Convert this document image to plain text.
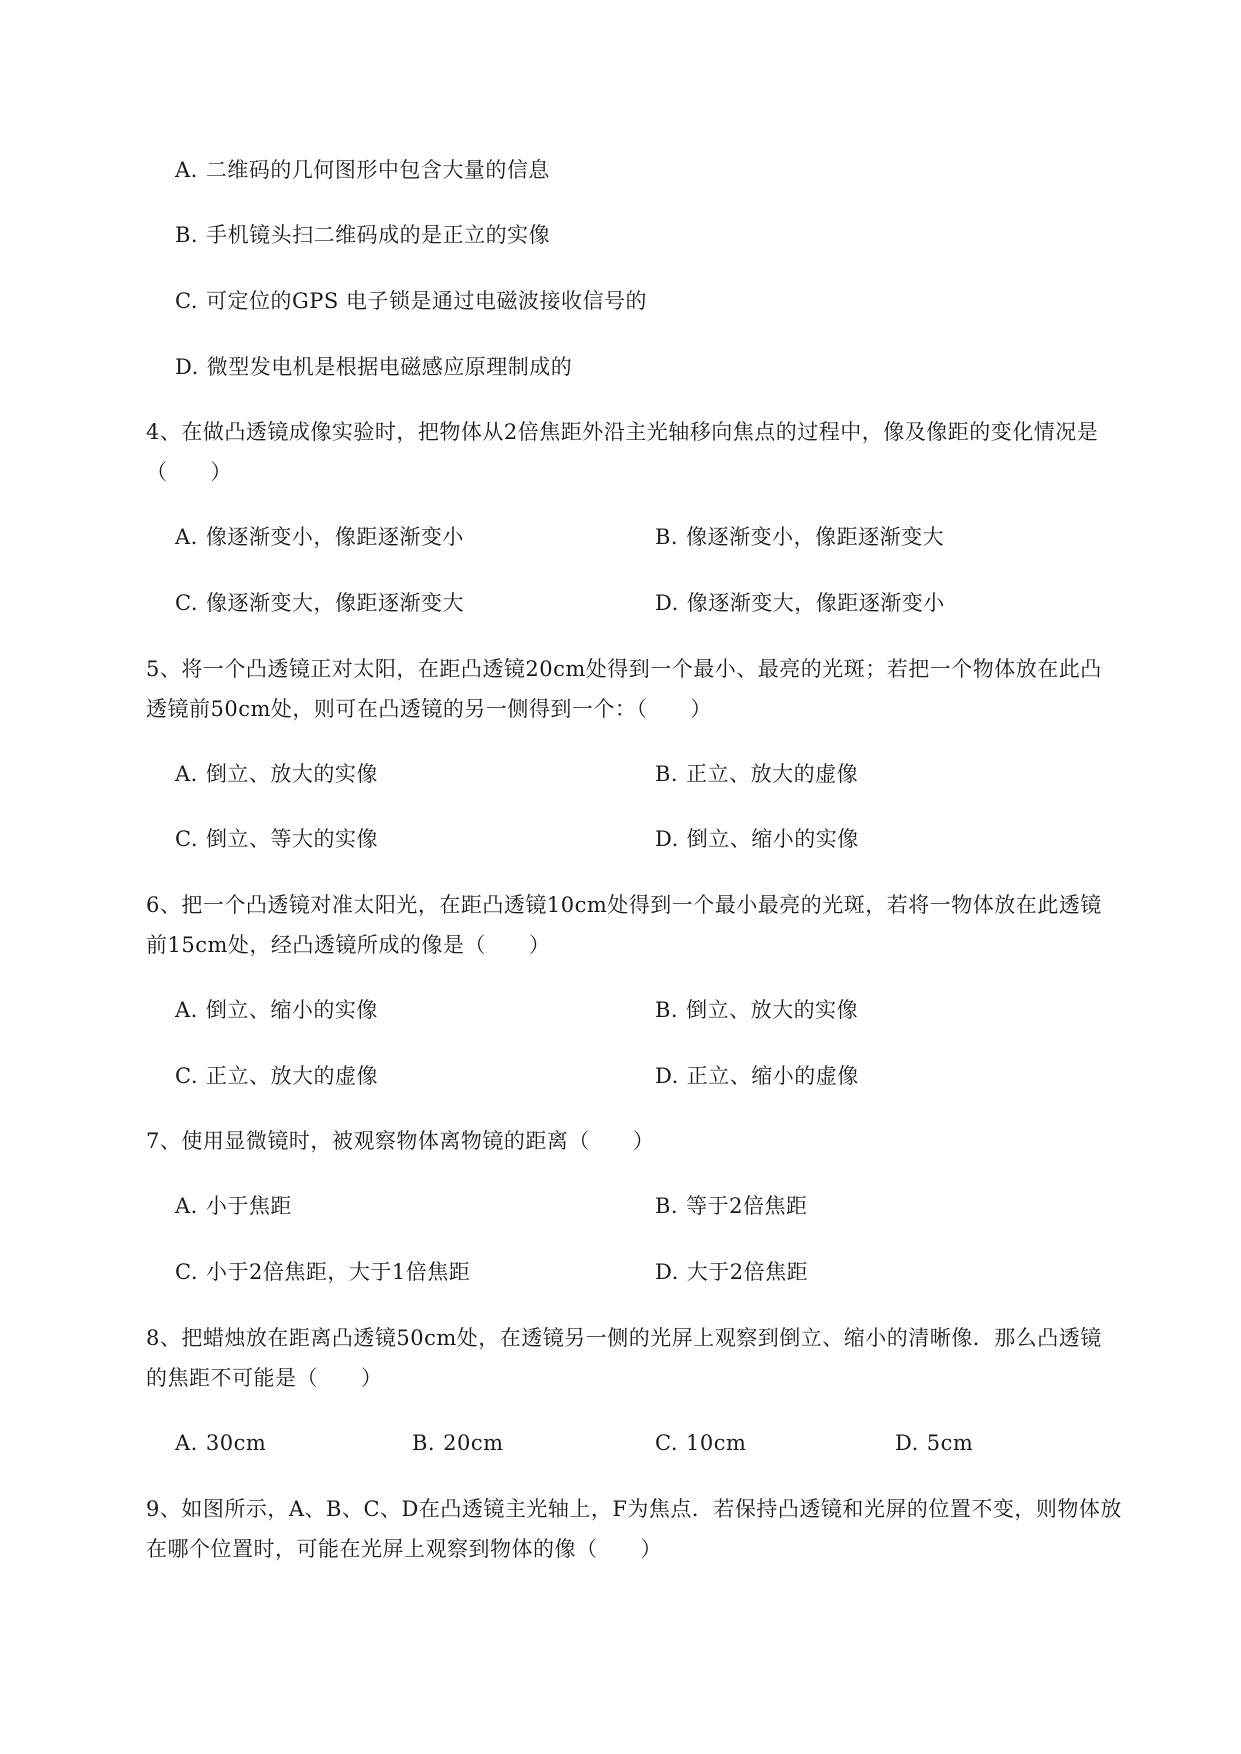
A. 二维码的几何图形中包含大量的信息
B. 手机镜头扫二维码成的是正立的实像
C. 可定位的GPS 电子锁是通过电磁波接收信号的
D. 微型发电机是根据电磁感应原理制成的
4、在做凸透镜成像实验时，把物体从2倍焦距外沿主光轴移向焦点的过程中，像及像距的变化情况是
（　　）
A. 像逐渐变小，像距逐渐变小	B. 像逐渐变小，像距逐渐变大
C. 像逐渐变大，像距逐渐变大	D. 像逐渐变大，像距逐渐变小
5、将一个凸透镜正对太阳，在距凸透镜20cm处得到一个最小、最亮的光斑；若把一个物体放在此凸
透镜前50cm处，则可在凸透镜的另一侧得到一个：（　　）
A. 倒立、放大的实像	B. 正立、放大的虚像
C. 倒立、等大的实像	D. 倒立、缩小的实像
6、把一个凸透镜对准太阳光，在距凸透镜10cm处得到一个最小最亮的光斑，若将一物体放在此透镜
前15cm处，经凸透镜所成的像是（　　）
A. 倒立、缩小的实像	B. 倒立、放大的实像
C. 正立、放大的虚像	D. 正立、缩小的虚像
7、使用显微镜时，被观察物体离物镜的距离（　　）
A. 小于焦距	B. 等于2倍焦距
C. 小于2倍焦距，大于1倍焦距	D. 大于2倍焦距
8、把蜡烛放在距离凸透镜50cm处，在透镜另一侧的光屏上观察到倒立、缩小的清晰像．那么凸透镜
的焦距不可能是（　　）
A. 30cm	B. 20cm	C. 10cm	D. 5cm
9、如图所示，A、B、C、D在凸透镜主光轴上，F为焦点．若保持凸透镜和光屏的位置不变，则物体放
在哪个位置时，可能在光屏上观察到物体的像（　　）
